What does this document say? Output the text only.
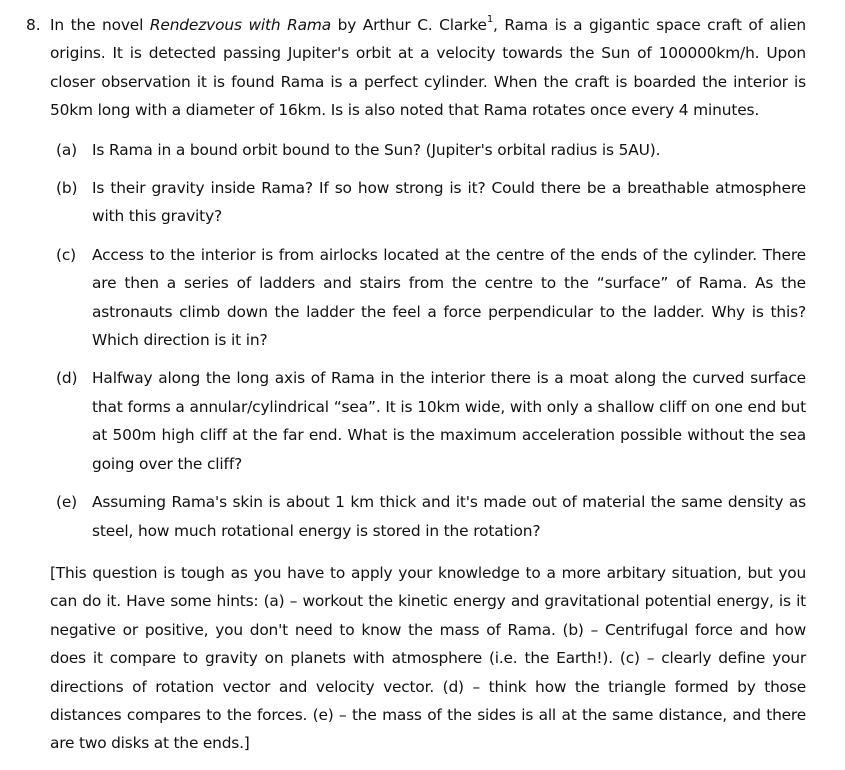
8. In the novel Rendezvous with Rama by Arthur C. Clarke$^1$, Rama is a gigantic space craft of alien origins. It is detected passing Jupiter's orbit at a velocity towards the Sun of 100000km/h. Upon closer observation it is found Rama is a perfect cylinder. When the craft is boarded the interior is 50km long with a diameter of 16km. Is is also noted that Rama rotates once every 4 minutes.
(a) Is Rama in a bound orbit bound to the Sun? (Jupiter's orbital radius is 5AU).
(b) Is their gravity inside Rama? If so how strong is it? Could there be a breathable atmosphere with this gravity?
(c) Access to the interior is from airlocks located at the centre of the ends of the cylinder. There are then a series of ladders and stairs from the centre to the “surface” of Rama. As the astronauts climb down the ladder the feel a force perpendicular to the ladder. Why is this? Which direction is it in?
(d) Halfway along the long axis of Rama in the interior there is a moat along the curved surface that forms a annular/cylindrical “sea”. It is 10km wide, with only a shallow cliff on one end but at 500m high cliff at the far end. What is the maximum acceleration possible without the sea going over the cliff?
(e) Assuming Rama's skin is about 1 km thick and it's made out of material the same density as steel, how much rotational energy is stored in the rotation?
[This question is tough as you have to apply your knowledge to a more arbitary situation, but you can do it. Have some hints: (a) – workout the kinetic energy and gravitational potential energy, is it negative or positive, you don't need to know the mass of Rama. (b) – Centrifugal force and how does it compare to gravity on planets with atmosphere (i.e. the Earth!). (c) – clearly define your directions of rotation vector and velocity vector. (d) – think how the triangle formed by those distances compares to the forces. (e) – the mass of the sides is all at the same distance, and there are two disks at the ends.]
